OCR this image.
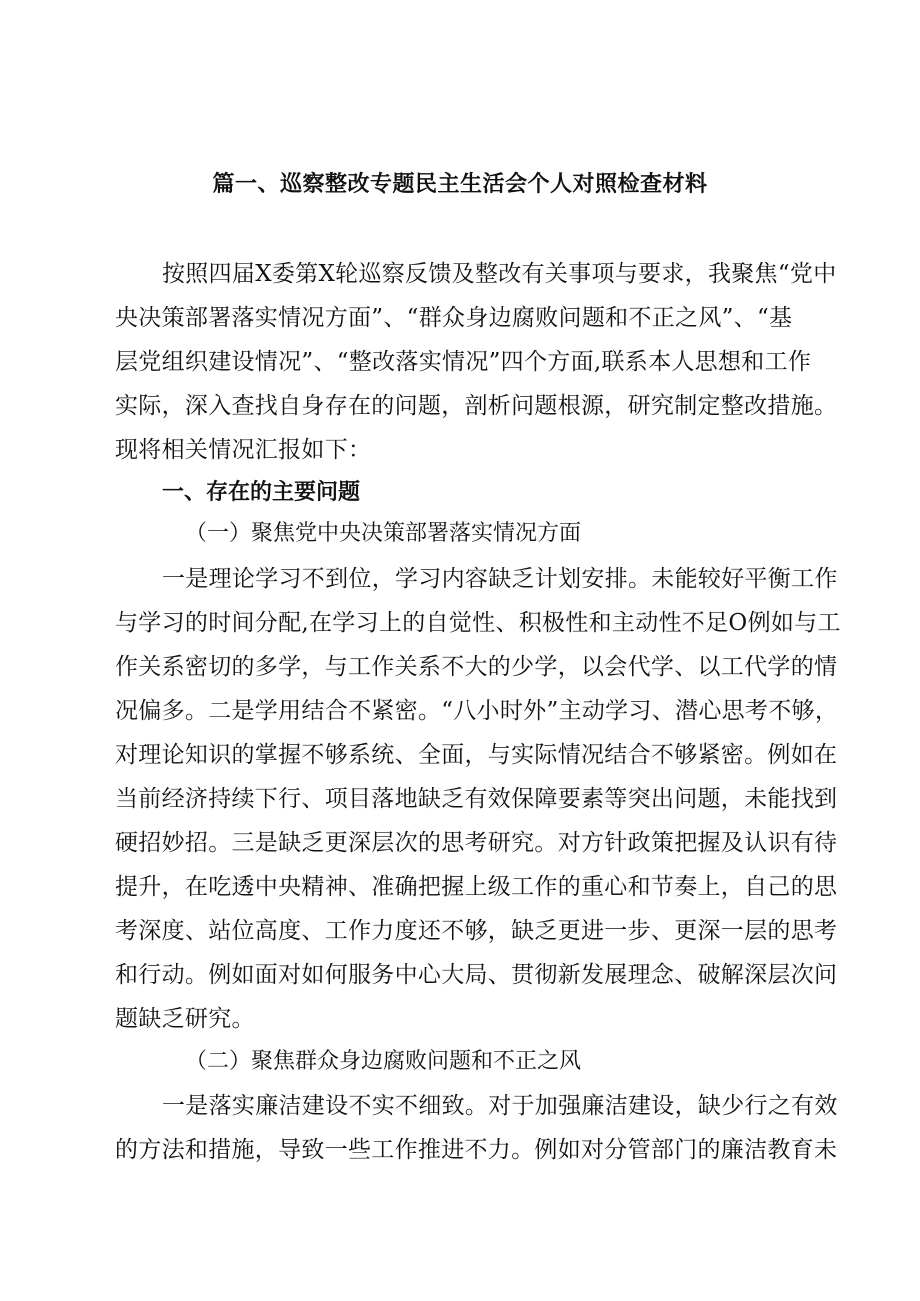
篇一、巡察整改专题民主生活会个人对照检查材料
按照四届X委第X轮巡察反馈及整改有关事项与要求，我聚焦“党中
央决策部署落实情况方面”、“群众身边腐败问题和不正之风”、“基
层党组织建设情况”、“整改落实情况”四个方面,联系本人思想和工作
实际，深入查找自身存在的问题，剖析问题根源，研究制定整改措施。
现将相关情况汇报如下：
一、存在的主要问题
（一）聚焦党中央决策部署落实情况方面
一是理论学习不到位，学习内容缺乏计划安排。未能较好平衡工作
与学习的时间分配,在学习上的自觉性、积极性和主动性不足O例如与工
作关系密切的多学，与工作关系不大的少学，以会代学、以工代学的情
况偏多。二是学用结合不紧密。“八小时外”主动学习、潜心思考不够，
对理论知识的掌握不够系统、全面，与实际情况结合不够紧密。例如在
当前经济持续下行、项目落地缺乏有效保障要素等突出问题，未能找到
硬招妙招。三是缺乏更深层次的思考研究。对方针政策把握及认识有待
提升，在吃透中央精神、准确把握上级工作的重心和节奏上，自己的思
考深度、站位高度、工作力度还不够，缺乏更进一步、更深一层的思考
和行动。例如面对如何服务中心大局、贯彻新发展理念、破解深层次问
题缺乏研究。
（二）聚焦群众身边腐败问题和不正之风
一是落实廉洁建设不实不细致。对于加强廉洁建设，缺少行之有效
的方法和措施，导致一些工作推进不力。例如对分管部门的廉洁教育未
